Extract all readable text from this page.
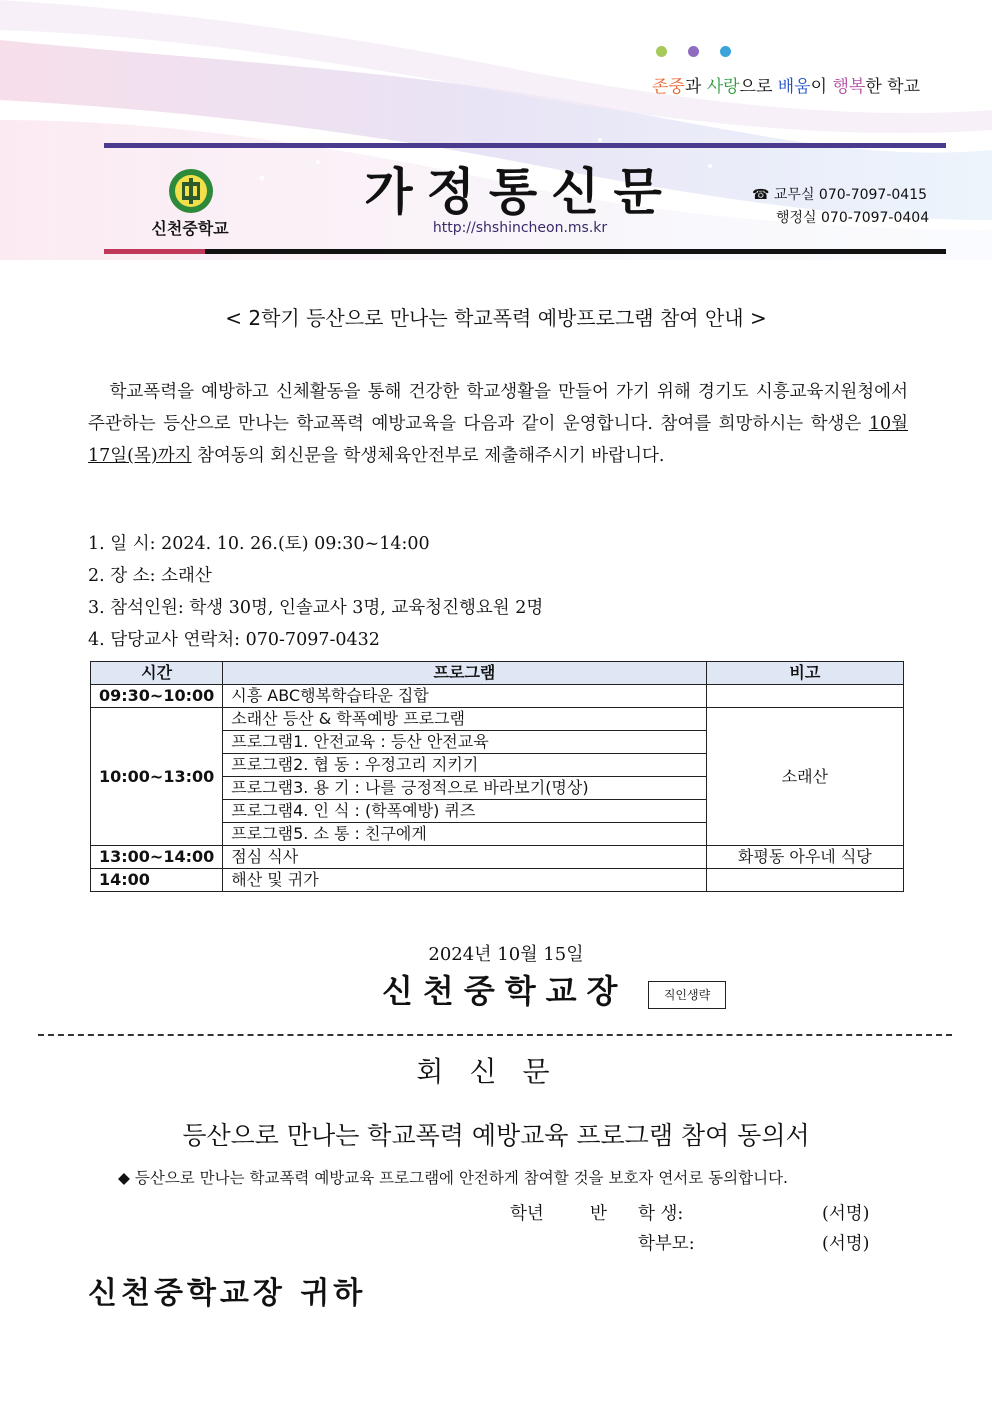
존중과 사랑으로 배움이 행복한 학교
신천중학교
가정통신문
http://shshincheon.ms.kr
☎ 교무실 070-7097-0415
행정실 070-7097-0404
< 2학기 등산으로 만나는 학교폭력 예방프로그램 참여 안내 >
학교폭력을 예방하고 신체활동을 통해 건강한 학교생활을 만들어 가기 위해 경기도 시흥교육지원청에서 주관하는 등산으로 만나는 학교폭력 예방교육을 다음과 같이 운영합니다. 참여를 희망하시는 학생은 10월 17일(목)까지 참여동의 회신문을 학생체육안전부로 제출해주시기 바랍니다.
1. 일 시: 2024. 10. 26.(토) 09:30~14:00
2. 장 소: 소래산
3. 참석인원: 학생 30명, 인솔교사 3명, 교육청진행요원 2명
4. 담당교사 연락처: 070-7097-0432
시간	프로그램	비고
09:30~10:00	시흥 ABC행복학습타운 집합	
10:00~13:00	소래산 등산 & 학폭예방 프로그램	소래산
	프로그램1. 안전교육 : 등산 안전교육	
	프로그램2. 협 동 : 우정고리 지키기	
	프로그램3. 용 기 : 나를 긍정적으로 바라보기(명상)	
	프로그램4. 인 식 : (학폭예방) 퀴즈	
	프로그램5. 소 통 : 친구에게	
13:00~14:00	점심 식사	화평동 아우네 식당
14:00	해산 및 귀가	
2024년 10월 15일
신천중학교장	직인생략
회신문
등산으로 만나는 학교폭력 예방교육 프로그램 참여 동의서
◆ 등산으로 만나는 학교폭력 예방교육 프로그램에 안전하게 참여할 것을 보호자 연서로 동의합니다.
학년	반 학 생:	(서명)
학부모:	(서명)
신천중학교장 귀하
